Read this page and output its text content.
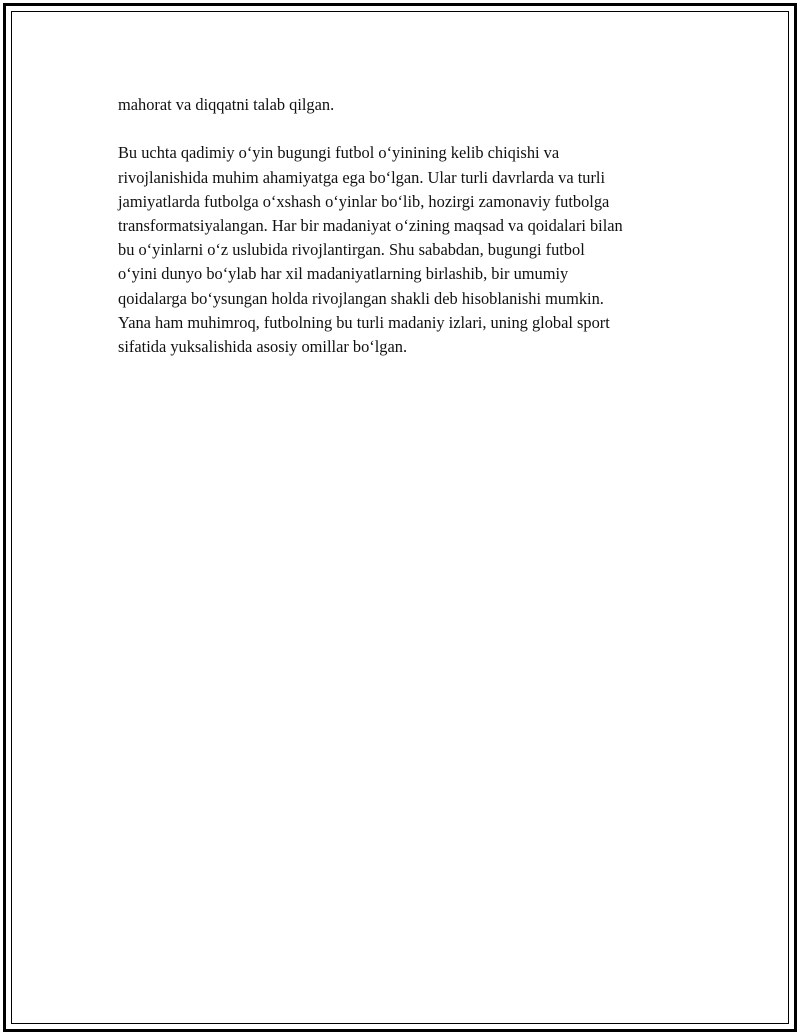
mahorat va diqqatni talab qilgan.
Bu uchta qadimiy o‘yin bugungi futbol o‘yinining kelib chiqishi va
rivojlanishida muhim ahamiyatga ega bo‘lgan. Ular turli davrlarda va turli
jamiyatlarda futbolga o‘xshash o‘yinlar bo‘lib, hozirgi zamonaviy futbolga
transformatsiyalangan. Har bir madaniyat o‘zining maqsad va qoidalari bilan
bu o‘yinlarni o‘z uslubida rivojlantirgan. Shu sababdan, bugungi futbol
o‘yini dunyo bo‘ylab har xil madaniyatlarning birlashib, bir umumiy
qoidalarga bo‘ysungan holda rivojlangan shakli deb hisoblanishi mumkin.
Yana ham muhimroq, futbolning bu turli madaniy izlari, uning global sport
sifatida yuksalishida asosiy omillar bo‘lgan.
